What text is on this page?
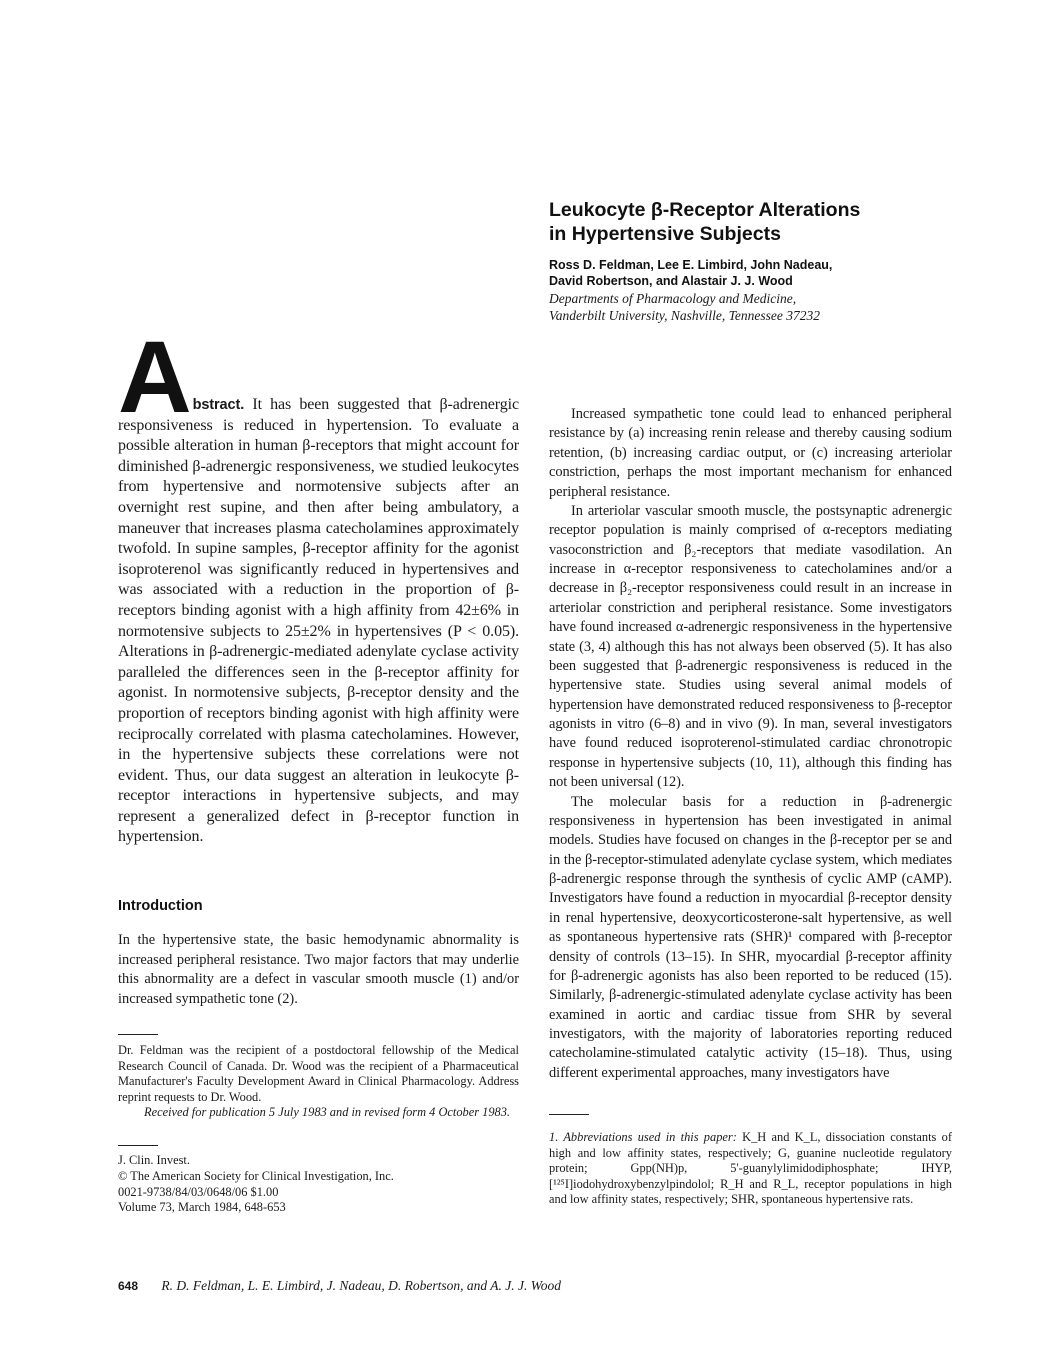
Leukocyte β-Receptor Alterations
in Hypertensive Subjects
Ross D. Feldman, Lee E. Limbird, John Nadeau,
David Robertson, and Alastair J. J. Wood
Departments of Pharmacology and Medicine,
Vanderbilt University, Nashville, Tennessee 37232
A bstract. It has been suggested that β-adrenergic responsiveness is reduced in hypertension. To evaluate a possible alteration in human β-receptors that might account for diminished β-adrenergic responsiveness, we studied leukocytes from hypertensive and normotensive subjects after an overnight rest supine, and then after being ambulatory, a maneuver that increases plasma catecholamines approximately twofold. In supine samples, β-receptor affinity for the agonist isoproterenol was significantly reduced in hypertensives and was associated with a reduction in the proportion of β-receptors binding agonist with a high affinity from 42±6% in normotensive subjects to 25±2% in hypertensives (P < 0.05). Alterations in β-adrenergic-mediated adenylate cyclase activity paralleled the differences seen in the β-receptor affinity for agonist. In normotensive subjects, β-receptor density and the proportion of receptors binding agonist with high affinity were reciprocally correlated with plasma catecholamines. However, in the hypertensive subjects these correlations were not evident. Thus, our data suggest an alteration in leukocyte β-receptor interactions in hypertensive subjects, and may represent a generalized defect in β-receptor function in hypertension.
Introduction
In the hypertensive state, the basic hemodynamic abnormality is increased peripheral resistance. Two major factors that may underlie this abnormality are a defect in vascular smooth muscle (1) and/or increased sympathetic tone (2).

Dr. Feldman was the recipient of a postdoctoral fellowship of the Medical Research Council of Canada. Dr. Wood was the recipient of a Pharmaceutical Manufacturer's Faculty Development Award in Clinical Pharmacology. Address reprint requests to Dr. Wood.

Received for publication 5 July 1983 and in revised form 4 October 1983.

J. Clin. Invest.
© The American Society for Clinical Investigation, Inc.
0021-9738/84/03/0648/06 $1.00
Volume 73, March 1984, 648-653

Increased sympathetic tone could lead to enhanced peripheral resistance by (a) increasing renin release and thereby causing sodium retention, (b) increasing cardiac output, or (c) increasing arteriolar constriction, perhaps the most important mechanism for enhanced peripheral resistance.

In arteriolar vascular smooth muscle, the postsynaptic adrenergic receptor population is mainly comprised of α-receptors mediating vasoconstriction and β₂-receptors that mediate vasodilation. An increase in α-receptor responsiveness to catecholamines and/or a decrease in β₂-receptor responsiveness could result in an increase in arteriolar constriction and peripheral resistance. Some investigators have found increased α-adrenergic responsiveness in the hypertensive state (3, 4) although this has not always been observed (5). It has also been suggested that β-adrenergic responsiveness is reduced in the hypertensive state. Studies using several animal models of hypertension have demonstrated reduced responsiveness to β-receptor agonists in vitro (6–8) and in vivo (9). In man, several investigators have found reduced isoproterenol-stimulated cardiac chronotropic response in hypertensive subjects (10, 11), although this finding has not been universal (12).

The molecular basis for a reduction in β-adrenergic responsiveness in hypertension has been investigated in animal models. Studies have focused on changes in the β-receptor per se and in the β-receptor-stimulated adenylate cyclase system, which mediates β-adrenergic response through the synthesis of cyclic AMP (cAMP). Investigators have found a reduction in myocardial β-receptor density in renal hypertensive, deoxycorticosterone-salt hypertensive, as well as spontaneous hypertensive rats (SHR)¹ compared with β-receptor density of controls (13–15). In SHR, myocardial β-receptor affinity for β-adrenergic agonists has also been reported to be reduced (15). Similarly, β-adrenergic-stimulated adenylate cyclase activity has been examined in aortic and cardiac tissue from SHR by several investigators, with the majority of laboratories reporting reduced catecholamine-stimulated catalytic activity (15–18). Thus, using different experimental approaches, many investigators have

1. Abbreviations used in this paper: K_H and K_L, dissociation constants of high and low affinity states, respectively; G, guanine nucleotide regulatory protein; Gpp(NH)p, 5'-guanylylimidodiphosphate; IHYP, [¹²⁵I]iodohydroxybenzylpindolol; R_H and R_L, receptor populations in high and low affinity states, respectively; SHR, spontaneous hypertensive rats.
648 R. D. Feldman, L. E. Limbird, J. Nadeau, D. Robertson, and A. J. J. Wood
